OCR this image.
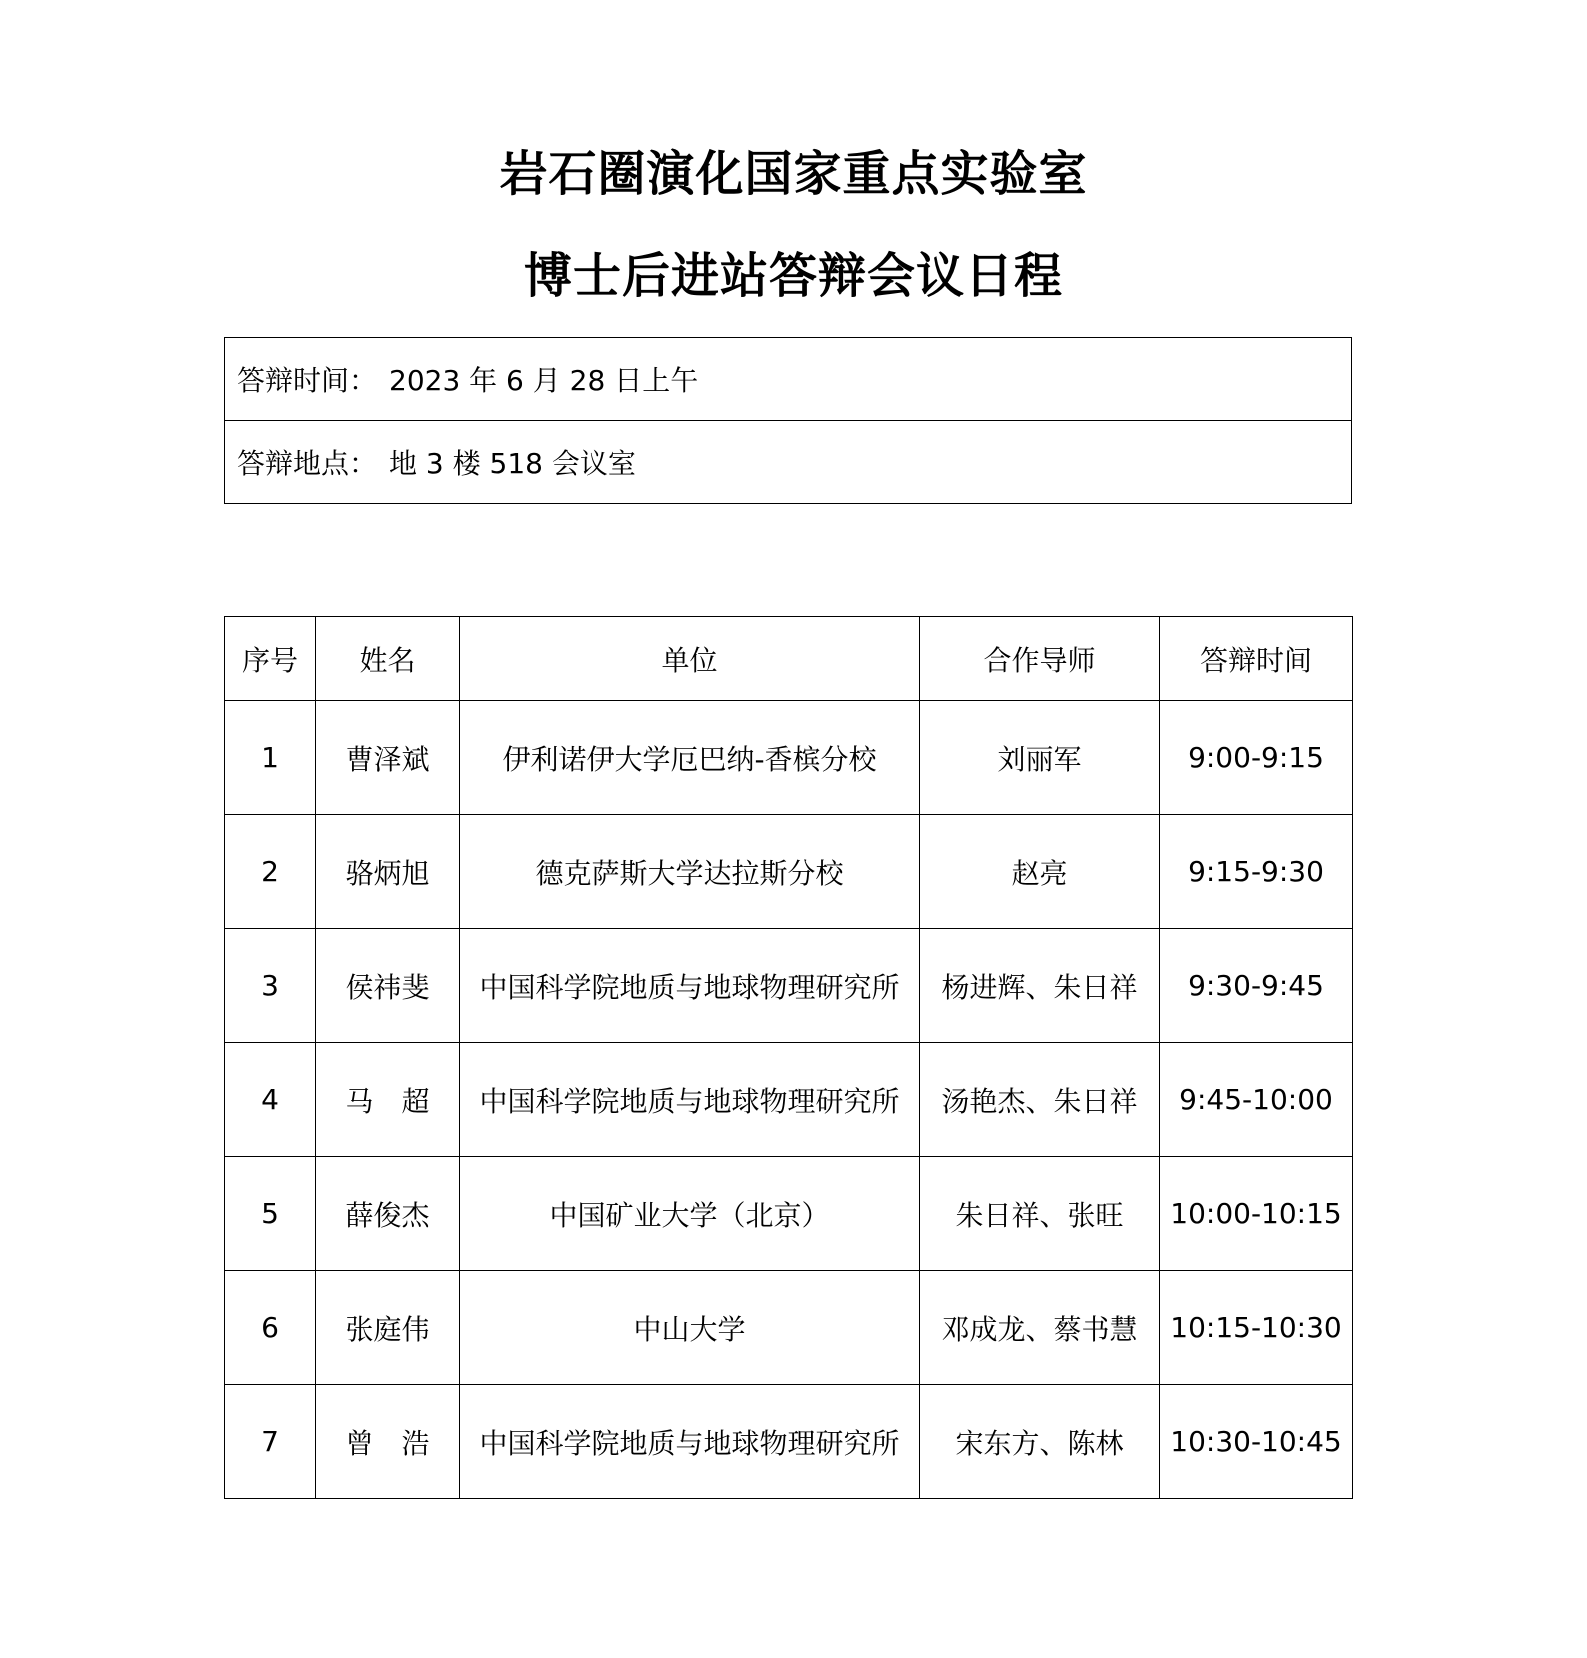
岩石圈演化国家重点实验室
博士后进站答辩会议日程
答辩时间： 2023 年 6 月 28 日上午
答辩地点： 地 3 楼 518 会议室
序号	姓名	单位	合作导师	答辩时间
1	曹泽斌	伊利诺伊大学厄巴纳-香槟分校	刘丽军	9:00-9:15
2	骆炳旭	德克萨斯大学达拉斯分校	赵亮	9:15-9:30
3	侯祎斐	中国科学院地质与地球物理研究所	杨进辉、朱日祥	9:30-9:45
4	马　超	中国科学院地质与地球物理研究所	汤艳杰、朱日祥	9:45-10:00
5	薛俊杰	中国矿业大学（北京）	朱日祥、张旺	10:00-10:15
6	张庭伟	中山大学	邓成龙、蔡书慧	10:15-10:30
7	曾　浩	中国科学院地质与地球物理研究所	宋东方、陈林	10:30-10:45
